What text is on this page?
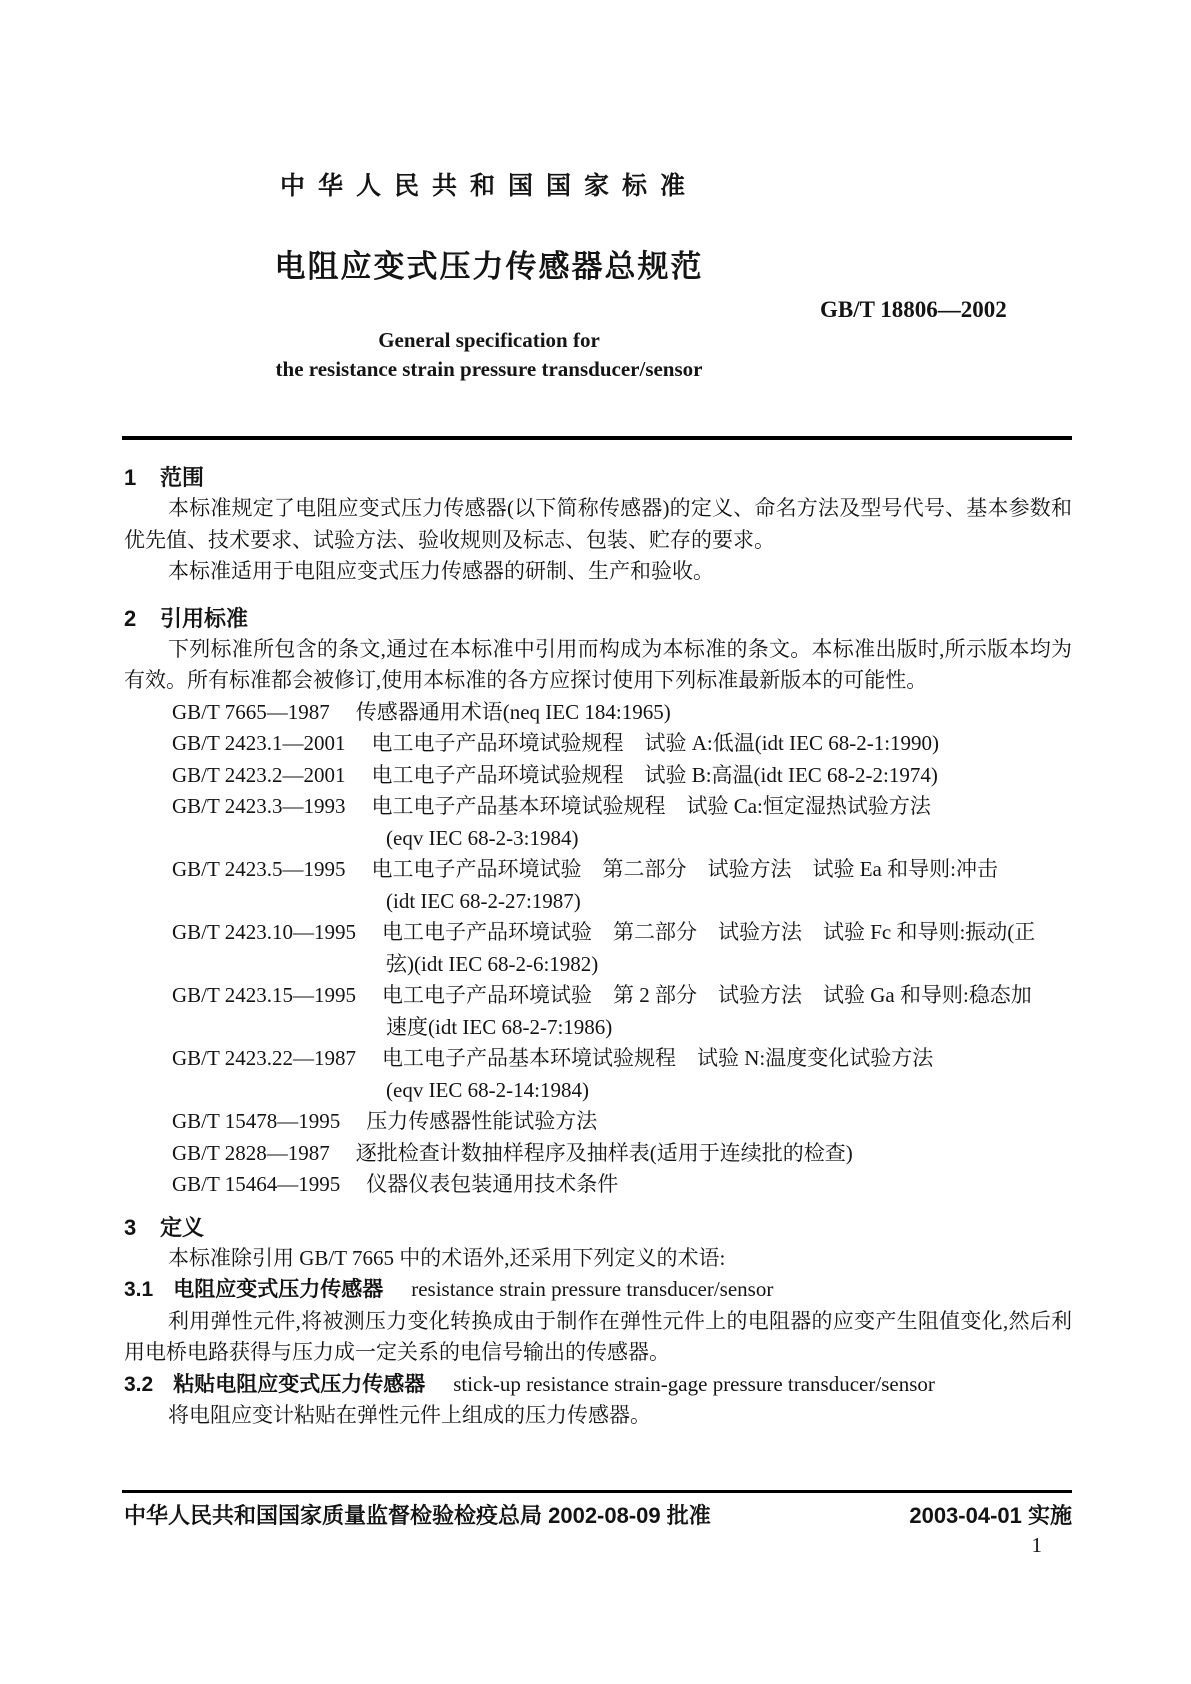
中华人民共和国国家标准
电阻应变式压力传感器总规范
GB/T 18806—2002
General specification for
the resistance strain pressure transducer/sensor
1 范围

本标准规定了电阻应变式压力传感器(以下简称传感器)的定义、命名方法及型号代号、基本参数和优先值、技术要求、试验方法、验收规则及标志、包装、贮存的要求。

本标准适用于电阻应变式压力传感器的研制、生产和验收。

2 引用标准

下列标准所包含的条文,通过在本标准中引用而构成为本标准的条文。本标准出版时,所示版本均为有效。所有标准都会被修订,使用本标准的各方应探讨使用下列标准最新版本的可能性。

GB/T 7665—1987 传感器通用术语(neq IEC 184:1965)
GB/T 2423.1—2001 电工电子产品环境试验规程　试验 A:低温(idt IEC 68-2-1:1990)
GB/T 2423.2—2001 电工电子产品环境试验规程　试验 B:高温(idt IEC 68-2-2:1974)
GB/T 2423.3—1993 电工电子产品基本环境试验规程　试验 Ca:恒定湿热试验方法
(eqv IEC 68-2-3:1984)
GB/T 2423.5—1995 电工电子产品环境试验　第二部分　试验方法　试验 Ea 和导则:冲击
(idt IEC 68-2-27:1987)
GB/T 2423.10—1995 电工电子产品环境试验　第二部分　试验方法　试验 Fc 和导则:振动(正
弦)(idt IEC 68-2-6:1982)
GB/T 2423.15—1995 电工电子产品环境试验　第 2 部分　试验方法　试验 Ga 和导则:稳态加
速度(idt IEC 68-2-7:1986)
GB/T 2423.22—1987 电工电子产品基本环境试验规程　试验 N:温度变化试验方法
(eqv IEC 68-2-14:1984)
GB/T 15478—1995 压力传感器性能试验方法
GB/T 2828—1987 逐批检查计数抽样程序及抽样表(适用于连续批的检查)
GB/T 15464—1995 仪器仪表包装通用技术条件
3 定义

本标准除引用 GB/T 7665 中的术语外,还采用下列定义的术语:

3.1 电阻应变式压力传感器 resistance strain pressure transducer/sensor

利用弹性元件,将被测压力变化转换成由于制作在弹性元件上的电阻器的应变产生阻值变化,然后利用电桥电路获得与压力成一定关系的电信号输出的传感器。

3.2 粘贴电阻应变式压力传感器 stick-up resistance strain-gage pressure transducer/sensor

将电阻应变计粘贴在弹性元件上组成的压力传感器。

中华人民共和国国家质量监督检验检疫总局 2002-08-09 批准	2003-04-01 实施
1
